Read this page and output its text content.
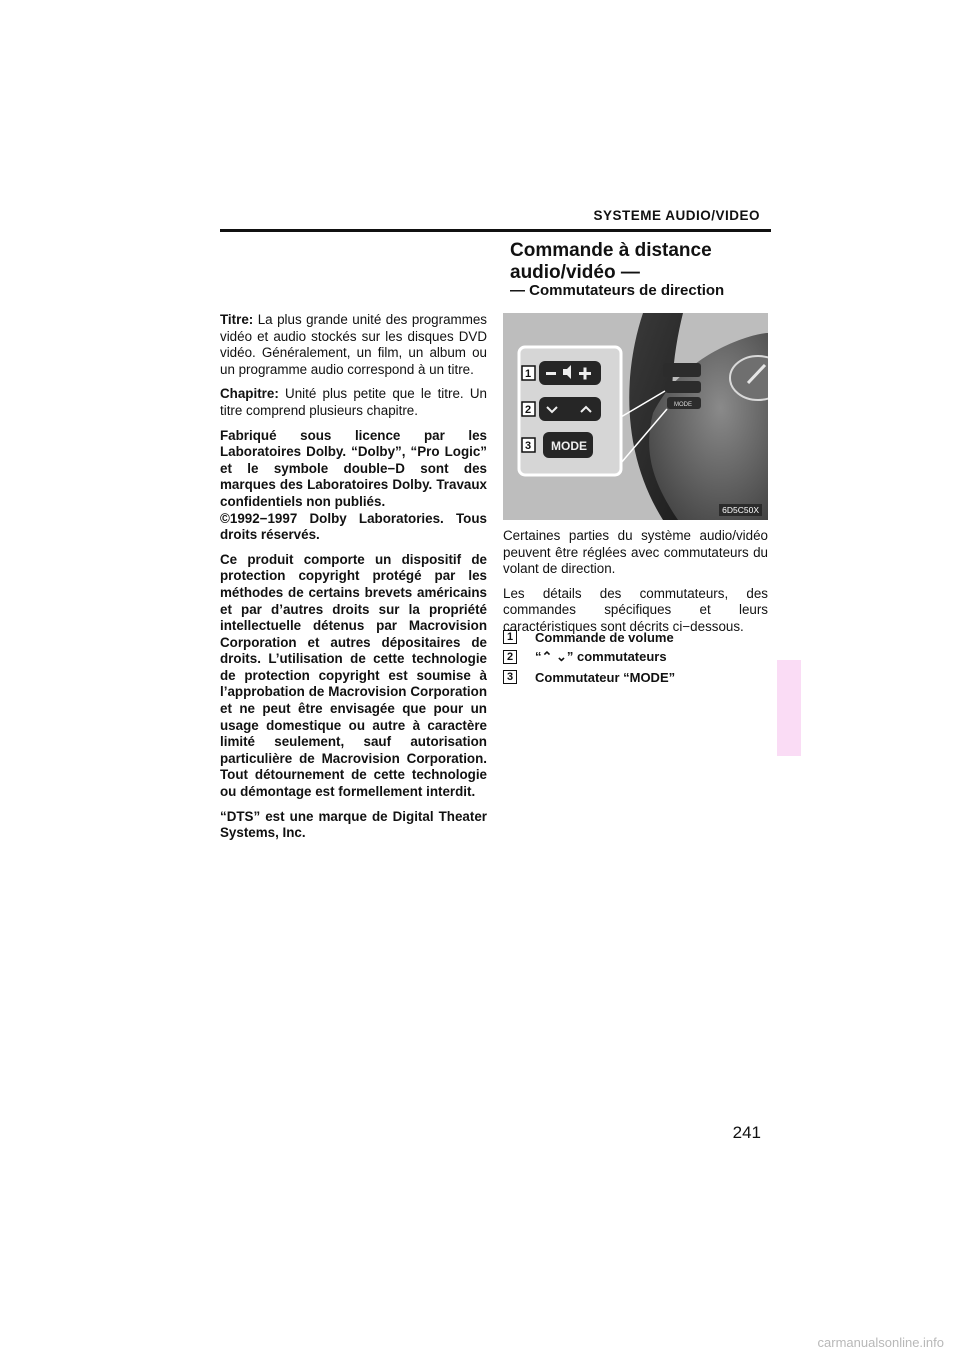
SYSTEME AUDIO/VIDEO

Titre: La plus grande unité des programmes vidéo et audio stockés sur les disques DVD vidéo. Généralement, un film, un album ou un programme audio correspond à un titre.

Chapitre: Unité plus petite que le titre. Un titre comprend plusieurs chapitre.

Fabriqué sous licence par les Laboratoires Dolby. “Dolby”, “Pro Logic” et le symbole double−D sont des marques des Laboratoires Dolby. Travaux confidentiels non publiés.
©1992−1997 Dolby Laboratories. Tous droits réservés.

Ce produit comporte un dispositif de protection copyright protégé par les méthodes de certains brevets américains et par d’autres droits sur la propriété intellectuelle détenus par Macrovision Corporation et autres dépositaires de droits. L’utilisation de cette technologie de protection copyright est soumise à l’approbation de Macrovision Corporation et ne peut être envisagée que pour un usage domestique ou autre à caractère limité seulement, sauf autorisation particulière de Macrovision Corporation. Tout détournement de cette technologie ou démontage est formellement interdit.

“DTS” est une marque de Digital Theater Systems, Inc.

Commande à distance audio/vidéo —
— Commutateurs de direction
MODE
MODE
1
2
3
6D5C50X

Certaines parties du système audio/vidéo peuvent être réglées avec commutateurs du volant de direction.

Les détails des commutateurs, des commandes spécifiques et leurs caractéristiques sont décrits ci−dessous.

1	Commande de volume
2	“⌃ ⌄” commutateurs
3	Commutateur “MODE”
241
carmanualsonline.info
